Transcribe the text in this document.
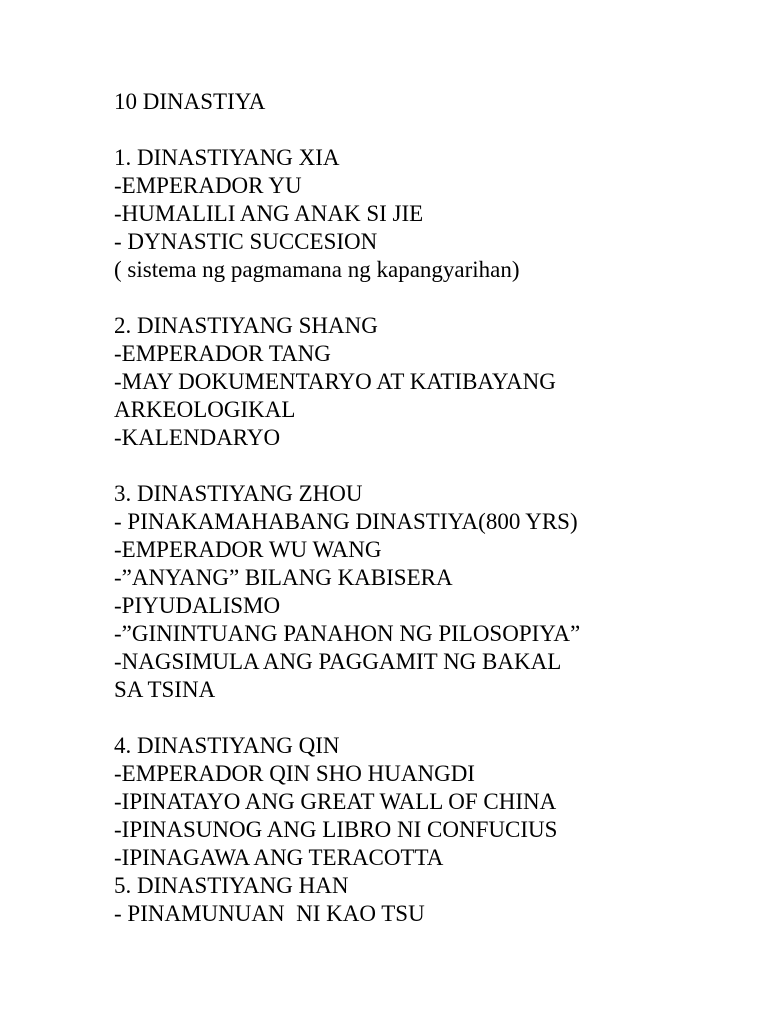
10 DINASTIYA

1. DINASTIYANG XIA

-EMPERADOR YU

-HUMALILI ANG ANAK SI JIE

- DYNASTIC SUCCESION

( sistema ng pagmamana ng kapangyarihan)

2. DINASTIYANG SHANG

-EMPERADOR TANG

-MAY DOKUMENTARYO AT KATIBAYANG

ARKEOLOGIKAL

-KALENDARYO

3. DINASTIYANG ZHOU

- PINAKAMAHABANG DINASTIYA(800 YRS)

-EMPERADOR WU WANG

-”ANYANG” BILANG KABISERA

-PIYUDALISMO

-”GININTUANG PANAHON NG PILOSOPIYA”

-NAGSIMULA ANG PAGGAMIT NG BAKAL

SA TSINA

4. DINASTIYANG QIN

-EMPERADOR QIN SHO HUANGDI

-IPINATAYO ANG GREAT WALL OF CHINA

-IPINASUNOG ANG LIBRO NI CONFUCIUS

-IPINAGAWA ANG TERACOTTA

5. DINASTIYANG HAN

- PINAMUNUAN  NI KAO TSU
